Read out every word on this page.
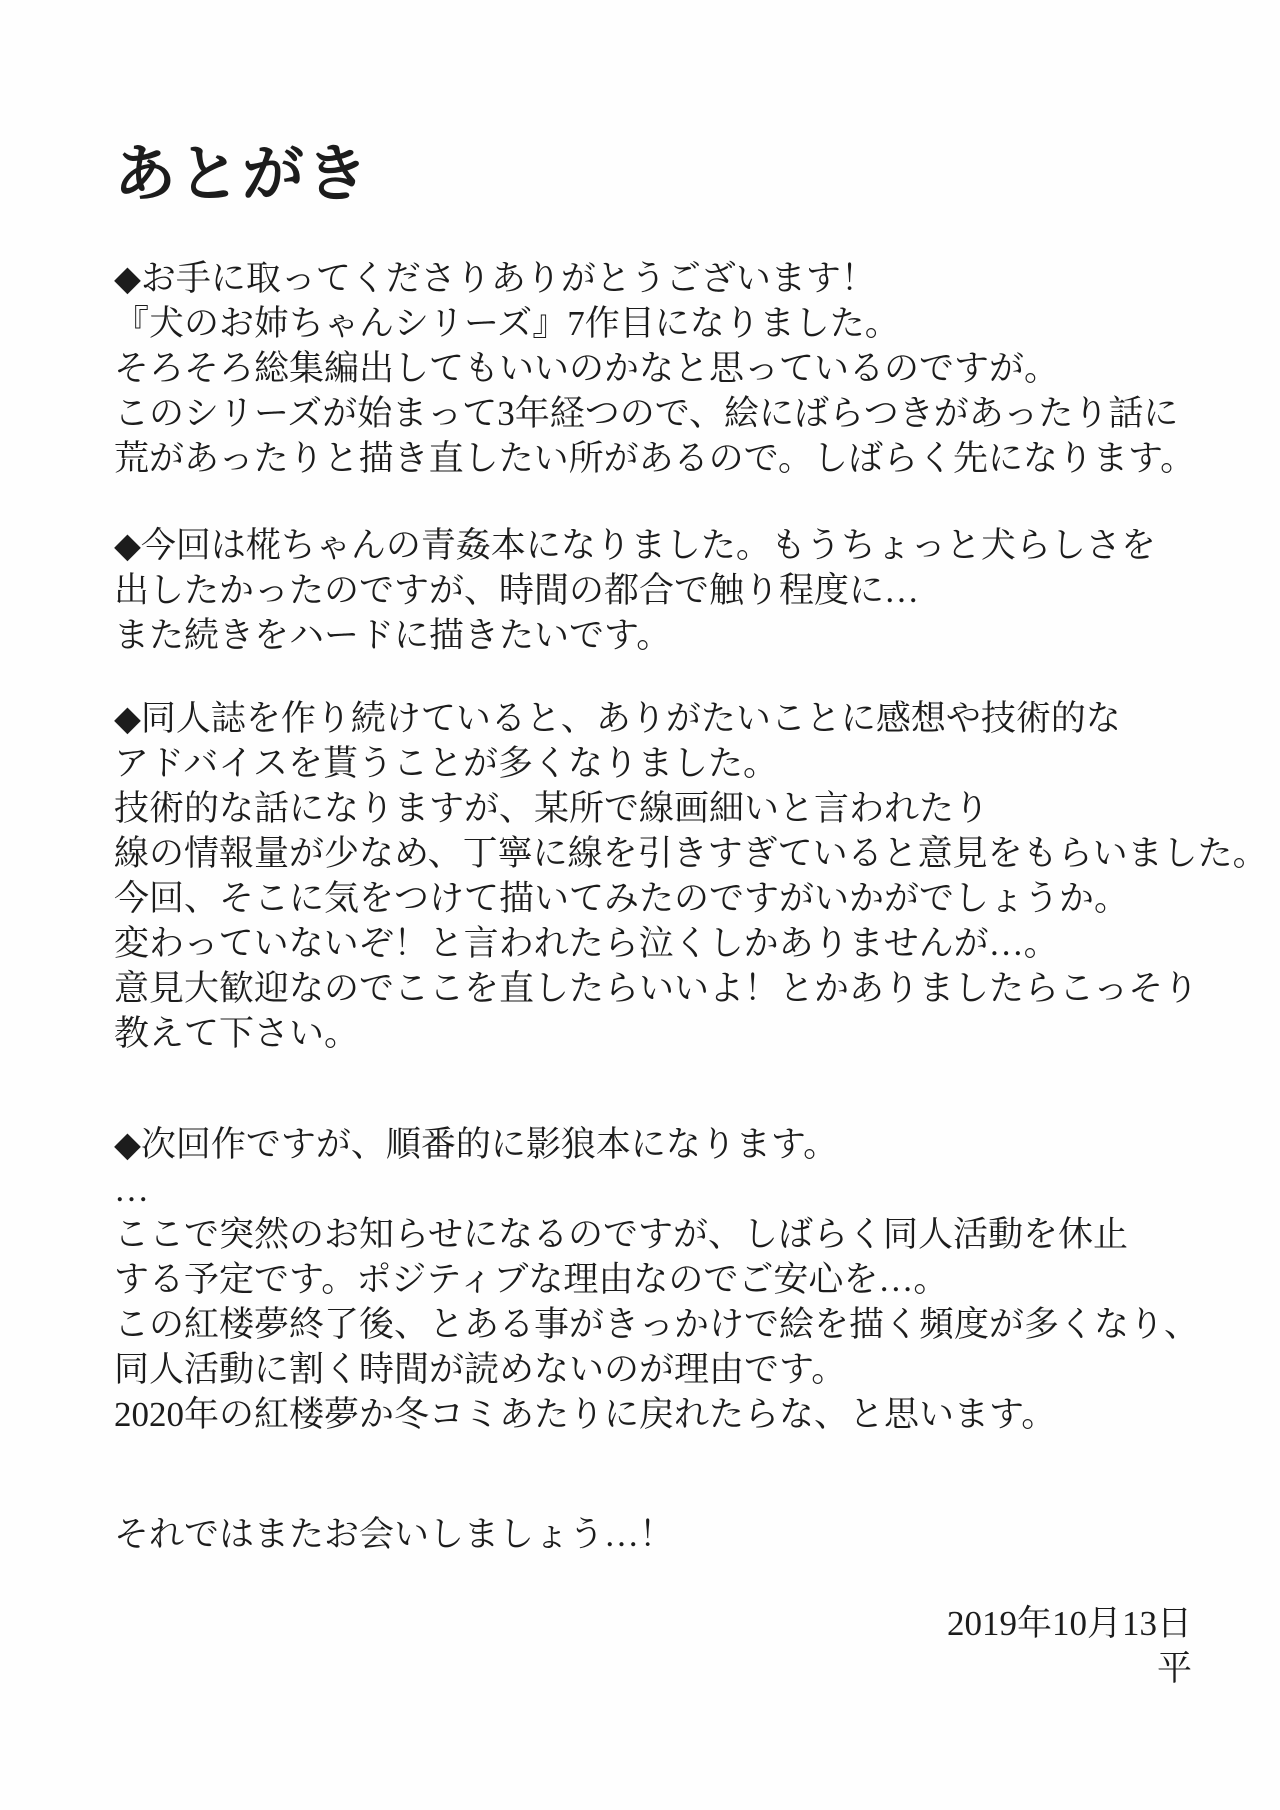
あとがき
◆お手に取ってくださりありがとうございます！
『犬のお姉ちゃんシリーズ』7作目になりました。
そろそろ総集編出してもいいのかなと思っているのですが。
このシリーズが始まって3年経つので、絵にばらつきがあったり話に
荒があったりと描き直したい所があるので。しばらく先になります。
◆今回は椛ちゃんの青姦本になりました。もうちょっと犬らしさを
出したかったのですが、時間の都合で触り程度に…
また続きをハードに描きたいです。
◆同人誌を作り続けていると、ありがたいことに感想や技術的な
アドバイスを貰うことが多くなりました。
技術的な話になりますが、某所で線画細いと言われたり
線の情報量が少なめ、丁寧に線を引きすぎていると意見をもらいました。
今回、そこに気をつけて描いてみたのですがいかがでしょうか。
変わっていないぞ！と言われたら泣くしかありませんが…。
意見大歓迎なのでここを直したらいいよ！とかありましたらこっそり
教えて下さい。
◆次回作ですが、順番的に影狼本になります。
…
ここで突然のお知らせになるのですが、しばらく同人活動を休止
する予定です。ポジティブな理由なのでご安心を…。
この紅楼夢終了後、とある事がきっかけで絵を描く頻度が多くなり、
同人活動に割く時間が読めないのが理由です。
2020年の紅楼夢か冬コミあたりに戻れたらな、と思います。
それではまたお会いしましょう…！
2019年10月13日
平
